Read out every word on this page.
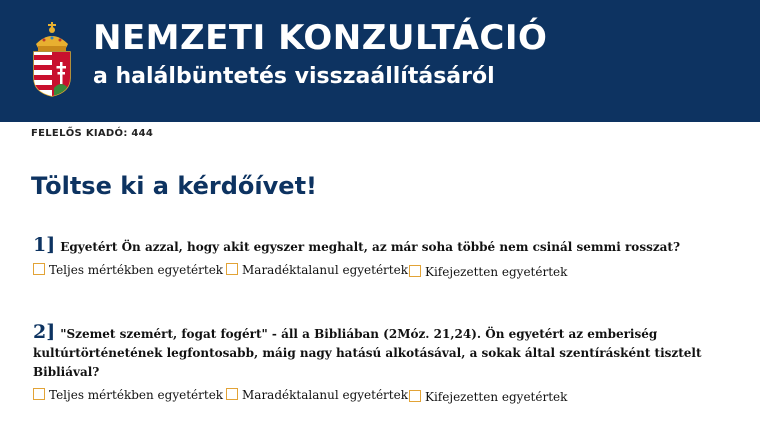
NEMZETI KONZULTÁCIÓ
a halálbüntetés visszaállításáról
FELELŐS KIADÓ: 444
Töltse ki a kérdőívet!
1] Egyetért Ön azzal, hogy akit egyszer meghalt, az már soha többé nem csinál semmi rosszat?
Teljes mértékben egyetértek	Maradéktalanul egyetértek	Kifejezetten egyetértek
2] "Szemet szemért, fogat fogért" - áll a Bibliában (2Móz. 21,24). Ön egyetért az emberiség kultúrtörténetének legfontosabb, máig nagy hatású alkotásával, a sokak által szentírásként tisztelt Bibliával?
Teljes mértékben egyetértek	Maradéktalanul egyetértek	Kifejezetten egyetértek
